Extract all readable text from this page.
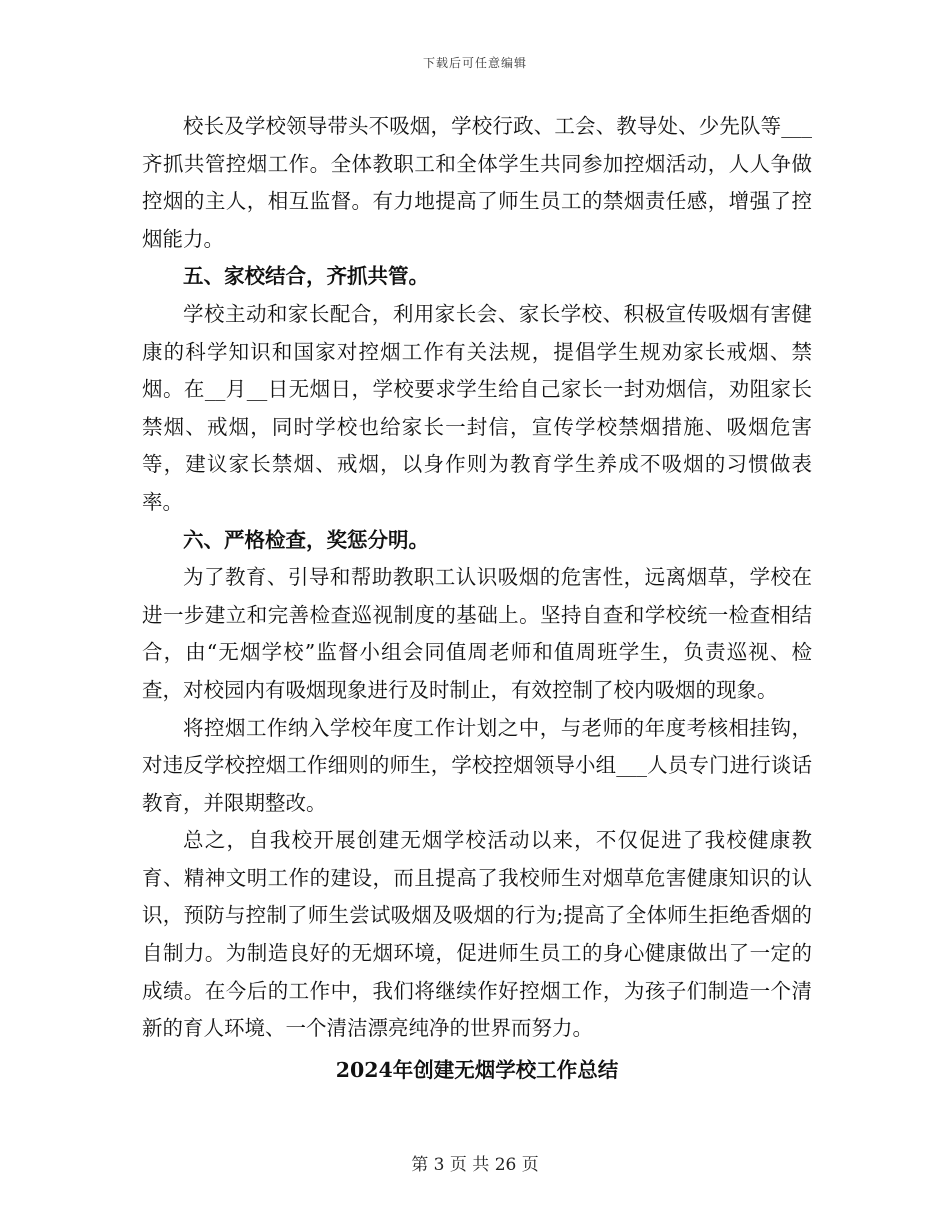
下载后可任意编辑

校长及学校领导带头不吸烟，学校行政、工会、教导处、少先队等___齐抓共管控烟工作。全体教职工和全体学生共同参加控烟活动，人人争做控烟的主人，相互监督。有力地提高了师生员工的禁烟责任感，增强了控烟能力。

五、家校结合，齐抓共管。

学校主动和家长配合，利用家长会、家长学校、积极宣传吸烟有害健康的科学知识和国家对控烟工作有关法规，提倡学生规劝家长戒烟、禁烟。在__月__日无烟日，学校要求学生给自己家长一封劝烟信，劝阻家长禁烟、戒烟，同时学校也给家长一封信，宣传学校禁烟措施、吸烟危害等，建议家长禁烟、戒烟，以身作则为教育学生养成不吸烟的习惯做表率。

六、严格检查，奖惩分明。

为了教育、引导和帮助教职工认识吸烟的危害性，远离烟草，学校在进一步建立和完善检查巡视制度的基础上。坚持自查和学校统一检查相结合，由“无烟学校”监督小组会同值周老师和值周班学生，负责巡视、检查，对校园内有吸烟现象进行及时制止，有效控制了校内吸烟的现象。

将控烟工作纳入学校年度工作计划之中，与老师的年度考核相挂钩，对违反学校控烟工作细则的师生，学校控烟领导小组___人员专门进行谈话教育，并限期整改。

总之，自我校开展创建无烟学校活动以来，不仅促进了我校健康教育、精神文明工作的建设，而且提高了我校师生对烟草危害健康知识的认识，预防与控制了师生尝试吸烟及吸烟的行为;提高了全体师生拒绝香烟的自制力。为制造良好的无烟环境，促进师生员工的身心健康做出了一定的成绩。在今后的工作中，我们将继续作好控烟工作，为孩子们制造一个清新的育人环境、一个清洁漂亮纯净的世界而努力。

2024年创建无烟学校工作总结

第 3 页 共 26 页
